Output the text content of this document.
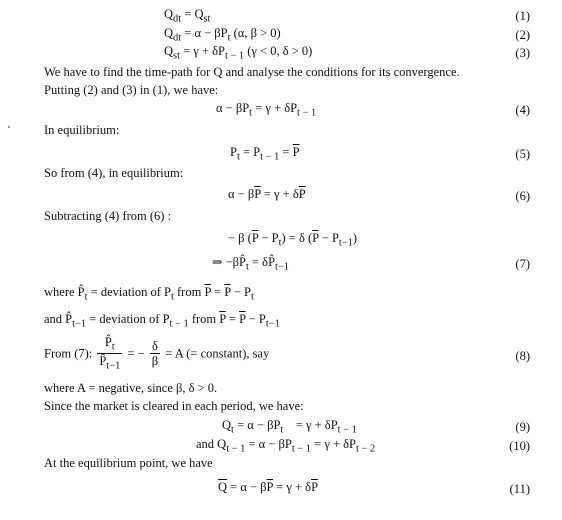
$Q_{dt} = Q_{st}$	(1)
$Q_{dt} = \alpha - \beta P_t$ (α, β > 0)	(2)
$Q_{st} = \gamma + \delta P_{t - 1}$ (γ < 0, δ > 0)	(3)
We have to find the time-path for Q and analyse the conditions for its convergence.
Putting (2) and (3) in (1), we have:
$\alpha - \beta P_t = \gamma + \delta P_{t - 1}$	(4)
In equilibrium:
$P_t = P_{t - 1} = \overline{P}$	(5)
So from (4), in equilibrium:
$\alpha - \beta\overline{P} = \gamma + \delta\overline{P}$	(6)
Subtracting (4) from (6) :
− β $(\overline{P} - P_t) = \delta$ $(\overline{P} - P_{t-1})$
⇒ $-\beta P̂_t$ = $\delta P̂_{t-1}$	(7)
where $P̂_t$ = deviation of $P_t$ from $\overline{P} = \overline{P} - P_t$
and $P̂_{t-1}$ = deviation of $P_{t - 1}$ from $\overline{P} = \overline{P} - P_{t-1}$
From (7): $\frac{P̂_t}{P̂_{t-1}}$ = − $\frac{\delta}{\beta} = A$ (= constant), say	(8)
where A = negative, since β, δ > 0.
Since the market is cleared in each period, we have:
$Q_t = \alpha - \beta P_t$    = $\gamma + \delta P_{t - 1}$	(9)
and $Q_{t - 1} = \alpha - \beta P_{t - 1} = \gamma + \delta P_{t - 2}$	(10)
At the equilibrium point, we have
$\overline{Q} = \alpha - \beta\overline{P} = \gamma + \delta\overline{P}$	(11)
